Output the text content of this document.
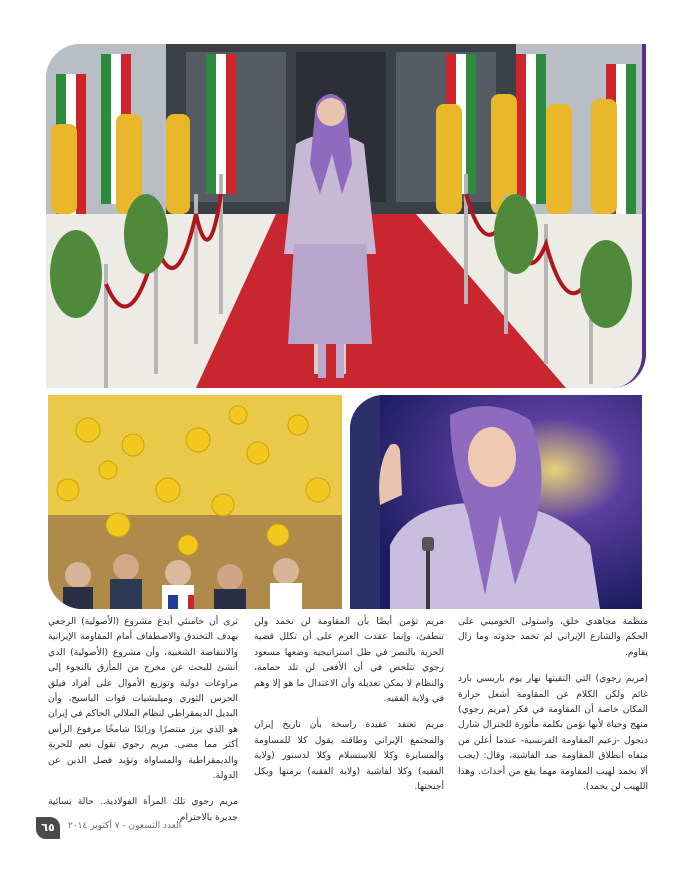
منظمة مجاهدي خلق، واستولى الخوميني على الحكم والشارع الإيراني لم تخمد جذوته وما زال يقاوم.

(مريم رجوي) التي التقيتها نهار يوم باريسي بارد غائم ولكن الكلام عن المقاومة أشعل حرارة المكان خاصة أن المقاومة في فكر (مريم رجوي) منهج وحياة لأنها تؤمن بكلمة مأثورة للجنرال شارل ديجول -زعيم المقاومة الفرنسية- عندما أعلن من منفاه انطلاق المقاومة ضد الفاشية، وقال: (يجب ألا يخمد لهيب المقاومة مهما يقع من أحداث. وهذا اللهيب لن يخمد).

مريم تؤمن أيضًا بأن المقاومة لن تخمد ولن تنطفئ، وإنما عقدت العزم على أن تكلل قضية الحرية بالنصر في ظل استراتيجية وضعها مسعود رجوي تتلخص في أن الأفعى لن تلد حمامة، والنظام لا يمكن تعديله وأن الاعتدال ما هو إلا وهم في ولاية الفقيه.

مريم تعتقد عقيدة راسخة بأن تاريخ إيران والمجتمع الإيراني وطاقته يقول كلا للمساومة والمسايرة وكلا للاستسلام وكلا لدستور (ولاية الفقيه) وكلا لفاشية (ولاية الفقيه) برمتها وبكل أجنحتها.

ترى أن خامنئي أبدع مشروع (الأصولية) الرجعي بهدف التخندق والاصطفاف أمام المقاومة الإيرانية والانتفاضة الشعبية، وأن مشروع (الأصولية) الذي أنشئ للبحث عن مخرج من المأزق بالنجوء إلى مراوغات دولية وتوزيع الأموال على أفراد فيلق الحرس الثوري وميليشيات قوات الباسيج، وأن البديل الديمقراطي لنظام الملالي الحاكم في إيران هو الذي برز منتصرًا ورائدًا شامخًا مرفوع الرأس أكثر مما مضى. مريم رجوي تقول نعم للحرية والديمقراطية والمساواة وتؤيد فصل الدين عن الدولة.

مريم رجوي تلك المرأة الفولاذية.. حالة نسائية جديرة بالاحترام.

٦٥	العدد التسعون - ٧ أكتوبر ٢٠١٤
